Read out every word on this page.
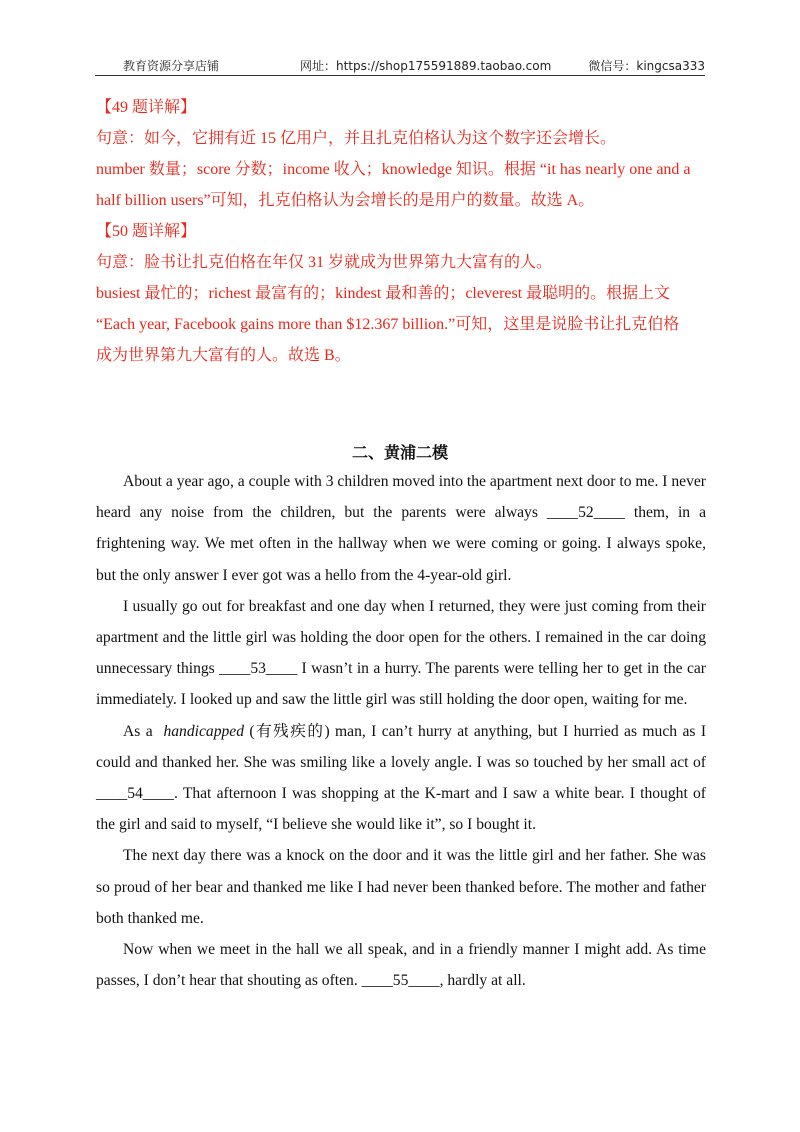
教育资源分享店铺	网址：https://shop175591889.taobao.com	微信号：kingcsa333

【49 题详解】

句意：如今，它拥有近 15 亿用户，并且扎克伯格认为这个数字还会增长。

number 数量；score 分数；income 收入；knowledge 知识。根据 “it has nearly one and a

half billion users”可知，扎克伯格认为会增长的是用户的数量。故选 A。

【50 题详解】

句意：脸书让扎克伯格在年仅 31 岁就成为世界第九大富有的人。

busiest 最忙的；richest 最富有的；kindest 最和善的；cleverest 最聪明的。根据上文

“Each year, Facebook gains more than $12.367 billion.”可知，这里是说脸书让扎克伯格

成为世界第九大富有的人。故选 B。

二、黄浦二模

About a year ago, a couple with 3 children moved into the apartment next door to me. I never heard any noise from the children, but the parents were always ____52____ them, in a frightening way. We met often in the hallway when we were coming or going. I always spoke, but the only answer I ever got was a hello from the 4-year-old girl.

I usually go out for breakfast and one day when I returned, they were just coming from their apartment and the little girl was holding the door open for the others. I remained in the car doing unnecessary things ____53____ I wasn’t in a hurry. The parents were telling her to get in the car immediately. I looked up and saw the little girl was still holding the door open, waiting for me.

As a handicapped (有残疾的) man, I can’t hurry at anything, but I hurried as much as I could and thanked her. She was smiling like a lovely angle. I was so touched by her small act of ____54____. That afternoon I was shopping at the K-mart and I saw a white bear. I thought of the girl and said to myself, “I believe she would like it”, so I bought it.

The next day there was a knock on the door and it was the little girl and her father. She was so proud of her bear and thanked me like I had never been thanked before. The mother and father both thanked me.

Now when we meet in the hall we all speak, and in a friendly manner I might add. As time passes, I don’t hear that shouting as often. ____55____, hardly at all.
